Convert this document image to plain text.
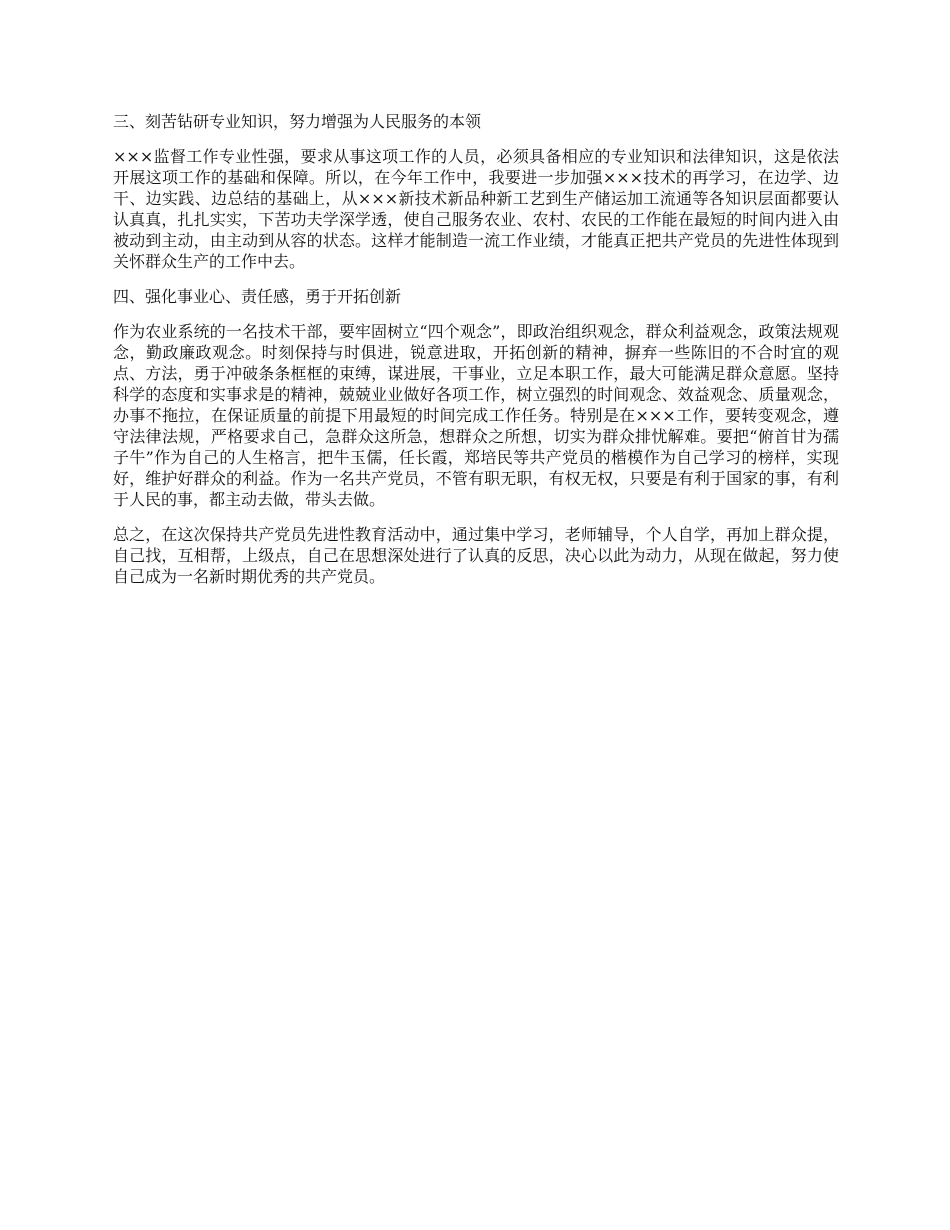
三、刻苦钻研专业知识，努力增强为人民服务的本领

×××监督工作专业性强，要求从事这项工作的人员，必须具备相应的专业知识和法律知识，这是依法开展这项工作的基础和保障。所以，在今年工作中，我要进一步加强×××技术的再学习，在边学、边干、边实践、边总结的基础上，从×××新技术新品种新工艺到生产储运加工流通等各知识层面都要认认真真，扎扎实实，下苦功夫学深学透，使自己服务农业、农村、农民的工作能在最短的时间内进入由被动到主动，由主动到从容的状态。这样才能制造一流工作业绩，才能真正把共产党员的先进性体现到关怀群众生产的工作中去。

四、强化事业心、责任感，勇于开拓创新

作为农业系统的一名技术干部，要牢固树立“四个观念”，即政治组织观念，群众利益观念，政策法规观念，勤政廉政观念。时刻保持与时俱进，锐意进取，开拓创新的精神，摒弃一些陈旧的不合时宜的观点、方法，勇于冲破条条框框的束缚，谋进展，干事业，立足本职工作，最大可能满足群众意愿。坚持科学的态度和实事求是的精神，兢兢业业做好各项工作，树立强烈的时间观念、效益观念、质量观念，办事不拖拉，在保证质量的前提下用最短的时间完成工作任务。特别是在×××工作，要转变观念，遵守法律法规，严格要求自己，急群众这所急，想群众之所想，切实为群众排忧解难。要把“俯首甘为孺子牛”作为自己的人生格言，把牛玉儒，任长霞，郑培民等共产党员的楷模作为自己学习的榜样，实现好，维护好群众的利益。作为一名共产党员，不管有职无职，有权无权，只要是有利于国家的事，有利于人民的事，都主动去做，带头去做。

总之，在这次保持共产党员先进性教育活动中，通过集中学习，老师辅导，个人自学，再加上群众提，自己找，互相帮，上级点，自己在思想深处进行了认真的反思，决心以此为动力，从现在做起，努力使自己成为一名新时期优秀的共产党员。
